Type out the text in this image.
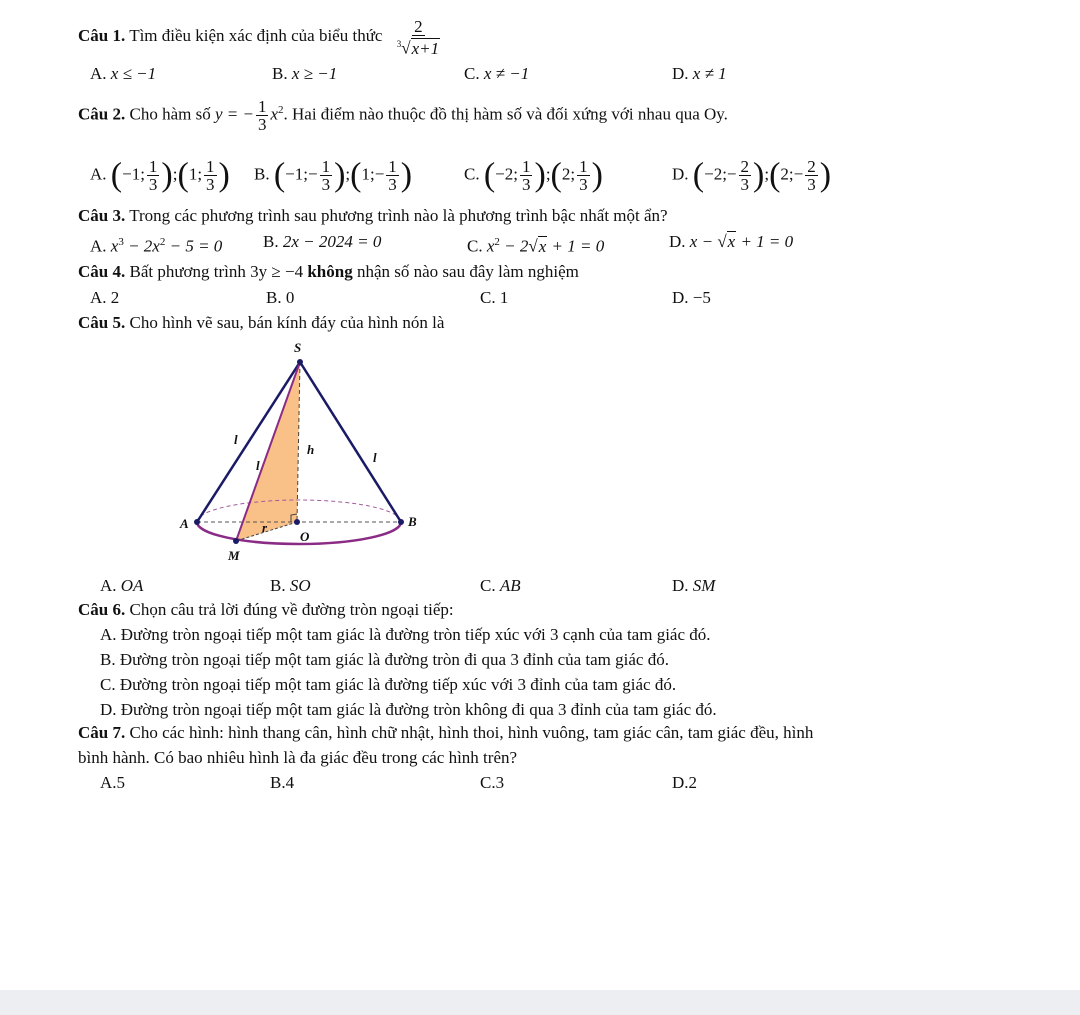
Câu 1. Tìm điều kiện xác định của biểu thức $\frac{2}{^3√x+1}$
A. x ≤ −1	B. x ≥ −1	C. x ≠ −1	D. x ≠ 1
Câu 2. Cho hàm số y = − $\frac{1}{3} x^2$. Hai điểm nào thuộc đồ thị hàm số và đối xứng với nhau qua Oy.
A. (−1; $\frac{1}{3}$ );(1; $\frac{1}{3}$ ) B. (−1;− $\frac{1}{3}$ );(1;− $\frac{1}{3}$ )	C. (−2; $\frac{1}{3}$ );(2; $\frac{1}{3}$ )	D. (−2;− $\frac{2}{3}$ );(2;− $\frac{2}{3}$ )
Câu 3. Trong các phương trình sau phương trình nào là phương trình bậc nhất một ẩn?
A. $x^3 - 2x^2 - 5 = 0$ B. 2x − 2024 = 0	C. $x^2 - 2√x + 1 = 0$	D. x − √x + 1 = 0
Câu 4. Bất phương trình 3y ≥ −4 không nhận số nào sau đây làm nghiệm
A. 2	B. 0	C. 1	D. −5
Câu 5. Cho hình vẽ sau, bán kính đáy của hình nón là
S
A	B
O
M
h
r
l
l
l
A. OA	B. SO	C. AB	D. SM
Câu 6. Chọn câu trả lời đúng về đường tròn ngoại tiếp:
A. Đường tròn ngoại tiếp một tam giác là đường tròn tiếp xúc với 3 cạnh của tam giác đó.
B. Đường tròn ngoại tiếp một tam giác là đường tròn đi qua 3 đỉnh của tam giác đó.
C. Đường tròn ngoại tiếp một tam giác là đường tiếp xúc với 3 đỉnh của tam giác đó.
D. Đường tròn ngoại tiếp một tam giác là đường tròn không đi qua 3 đỉnh của tam giác đó.
Câu 7. Cho các hình: hình thang cân, hình chữ nhật, hình thoi, hình vuông, tam giác cân, tam giác đều, hình
bình hành. Có bao nhiêu hình là đa giác đều trong các hình trên?
A.5	B.4	C.3	D.2
